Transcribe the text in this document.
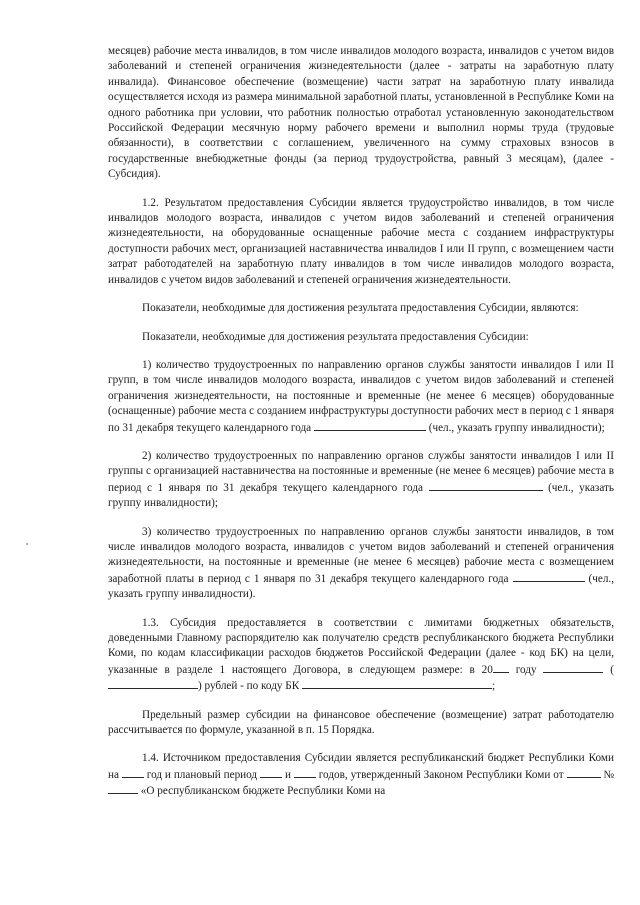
месяцев) рабочие места инвалидов, в том числе инвалидов молодого возраста, инвалидов с учетом видов заболеваний и степеней ограничения жизнедеятельности (далее - затраты на заработную плату инвалида). Финансовое обеспечение (возмещение) части затрат на заработную плату инвалида осуществляется исходя из размера минимальной заработной платы, установленной в Республике Коми на одного работника при условии, что работник полностью отработал установленную законодательством Российской Федерации месячную норму рабочего времени и выполнил нормы труда (трудовые обязанности), в соответствии с соглашением, увеличенного на сумму страховых взносов в государственные внебюджетные фонды (за период трудоустройства, равный 3 месяцам), (далее - Субсидия).

1.2. Результатом предоставления Субсидии является трудоустройство инвалидов, в том числе инвалидов молодого возраста, инвалидов с учетом видов заболеваний и степеней ограничения жизнедеятельности, на оборудованные оснащенные рабочие места с созданием инфраструктуры доступности рабочих мест, организацией наставничества инвалидов I или II групп, с возмещением части затрат работодателей на заработную плату инвалидов в том числе инвалидов молодого возраста, инвалидов с учетом видов заболеваний и степеней ограничения жизнедеятельности.

Показатели, необходимые для достижения результата предоставления Субсидии, являются:

Показатели, необходимые для достижения результата предоставления Субсидии:

1) количество трудоустроенных по направлению органов службы занятости инвалидов I или II групп, в том числе инвалидов молодого возраста, инвалидов с учетом видов заболеваний и степеней ограничения жизнедеятельности, на постоянные и временные (не менее 6 месяцев) оборудованные (оснащенные) рабочие места с созданием инфраструктуры доступности рабочих мест в период с 1 января по 31 декабря текущего календарного года	(чел., указать группу инвалидности);

2) количество трудоустроенных по направлению органов службы занятости инвалидов I или II группы с организацией наставничества на постоянные и временные (не менее 6 месяцев) рабочие места в период с 1 января по 31 декабря текущего календарного года	(чел., указать группу инвалидности);

3) количество трудоустроенных по направлению органов службы занятости инвалидов, в том числе инвалидов молодого возраста, инвалидов с учетом видов заболеваний и степеней ограничения жизнедеятельности, на постоянные и временные (не менее 6 месяцев) рабочие места с возмещением заработной платы в период с 1 января по 31 декабря текущего календарного года	(чел., указать группу инвалидности).

1.3. Субсидия предоставляется в соответствии с лимитами бюджетных обязательств, доведенными Главному распорядителю как получателю средств республиканского бюджета Республики Коми, по кодам классификации расходов бюджетов Российской Федерации (далее - код БК) на цели, указанные в разделе 1 настоящего Договора, в следующем размере: в 20 году	() рублей - по коду БК	;

Предельный размер субсидии на финансовое обеспечение (возмещение) затрат работодателю рассчитывается по формуле, указанной в п. 15 Порядка.

1.4. Источником предоставления Субсидии является республиканский бюджет Республики Коми на год и плановый период и годов, утвержденный Законом Республики Коми от	№  «О республиканском бюджете Республики Коми на
